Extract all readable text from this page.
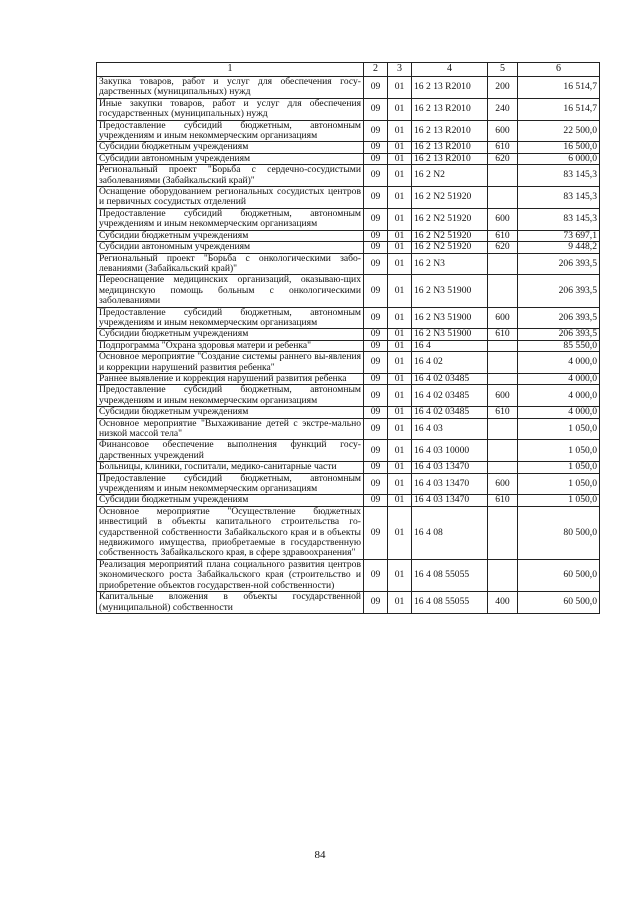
1	2	3	4	5	6
Закупка товаров, работ и услуг для обеспечения госу-дарственных (муниципальных) нужд	09	01	16 2 13 R2010	200	16 514,7
Иные закупки товаров, работ и услуг для обеспечения государственных (муниципальных) нужд	09	01	16 2 13 R2010	240	16 514,7
Предоставление субсидий бюджетным, автономным учреждениям и иным некоммерческим организациям	09	01	16 2 13 R2010	600	22 500,0
Субсидии бюджетным учреждениям	09	01	16 2 13 R2010	610	16 500,0
Субсидии автономным учреждениям	09	01	16 2 13 R2010	620	6 000,0
Региональный проект "Борьба с сердечно-сосудистыми заболеваниями (Забайкальский край)"	09	01	16 2 N2		83 145,3
Оснащение оборудованием региональных сосудистых центров и первичных сосудистых отделений	09	01	16 2 N2 51920		83 145,3
Предоставление субсидий бюджетным, автономным учреждениям и иным некоммерческим организациям	09	01	16 2 N2 51920	600	83 145,3
Субсидии бюджетным учреждениям	09	01	16 2 N2 51920	610	73 697,1
Субсидии автономным учреждениям	09	01	16 2 N2 51920	620	9 448,2
Региональный проект "Борьба с онкологическими забо-леваниями (Забайкальский край)"	09	01	16 2 N3		206 393,5
Переоснащение медицинских организаций, оказываю-щих медицинскую помощь больным с онкологическими заболеваниями	09	01	16 2 N3 51900		206 393,5
Предоставление субсидий бюджетным, автономным учреждениям и иным некоммерческим организациям	09	01	16 2 N3 51900	600	206 393,5
Субсидии бюджетным учреждениям	09	01	16 2 N3 51900	610	206 393,5
Подпрограмма "Охрана здоровья матери и ребенка"	09	01	16 4		85 550,0
Основное мероприятие "Создание системы раннего вы-явления и коррекции нарушений развития ребенка"	09	01	16 4 02		4 000,0
Раннее выявление и коррекция нарушений развития ребенка	09	01	16 4 02 03485		4 000,0
Предоставление субсидий бюджетным, автономным учреждениям и иным некоммерческим организациям	09	01	16 4 02 03485	600	4 000,0
Субсидии бюджетным учреждениям	09	01	16 4 02 03485	610	4 000,0
Основное мероприятие "Выхаживание детей с экстре-мально низкой массой тела"	09	01	16 4 03		1 050,0
Финансовое обеспечение выполнения функций госу-дарственных учреждений	09	01	16 4 03 10000		1 050,0
Больницы, клиники, госпитали, медико-санитарные части	09	01	16 4 03 13470		1 050,0
Предоставление субсидий бюджетным, автономным учреждениям и иным некоммерческим организациям	09	01	16 4 03 13470	600	1 050,0
Субсидии бюджетным учреждениям	09	01	16 4 03 13470	610	1 050,0
Основное мероприятие "Осуществление бюджетных инвестиций в объекты капитального строительства го-сударственной собственности Забайкальского края и в объекты недвижимого имущества, приобретаемые в государственную собственность Забайкальского края, в сфере здравоохранения"	09	01	16 4 08		80 500,0
Реализация мероприятий плана социального развития центров экономического роста Забайкальского края (строительство и приобретение объектов государствен-ной собственности)	09	01	16 4 08 55055		60 500,0
Капитальные вложения в объекты государственной (муниципальной) собственности	09	01	16 4 08 55055	400	60 500,0
84
